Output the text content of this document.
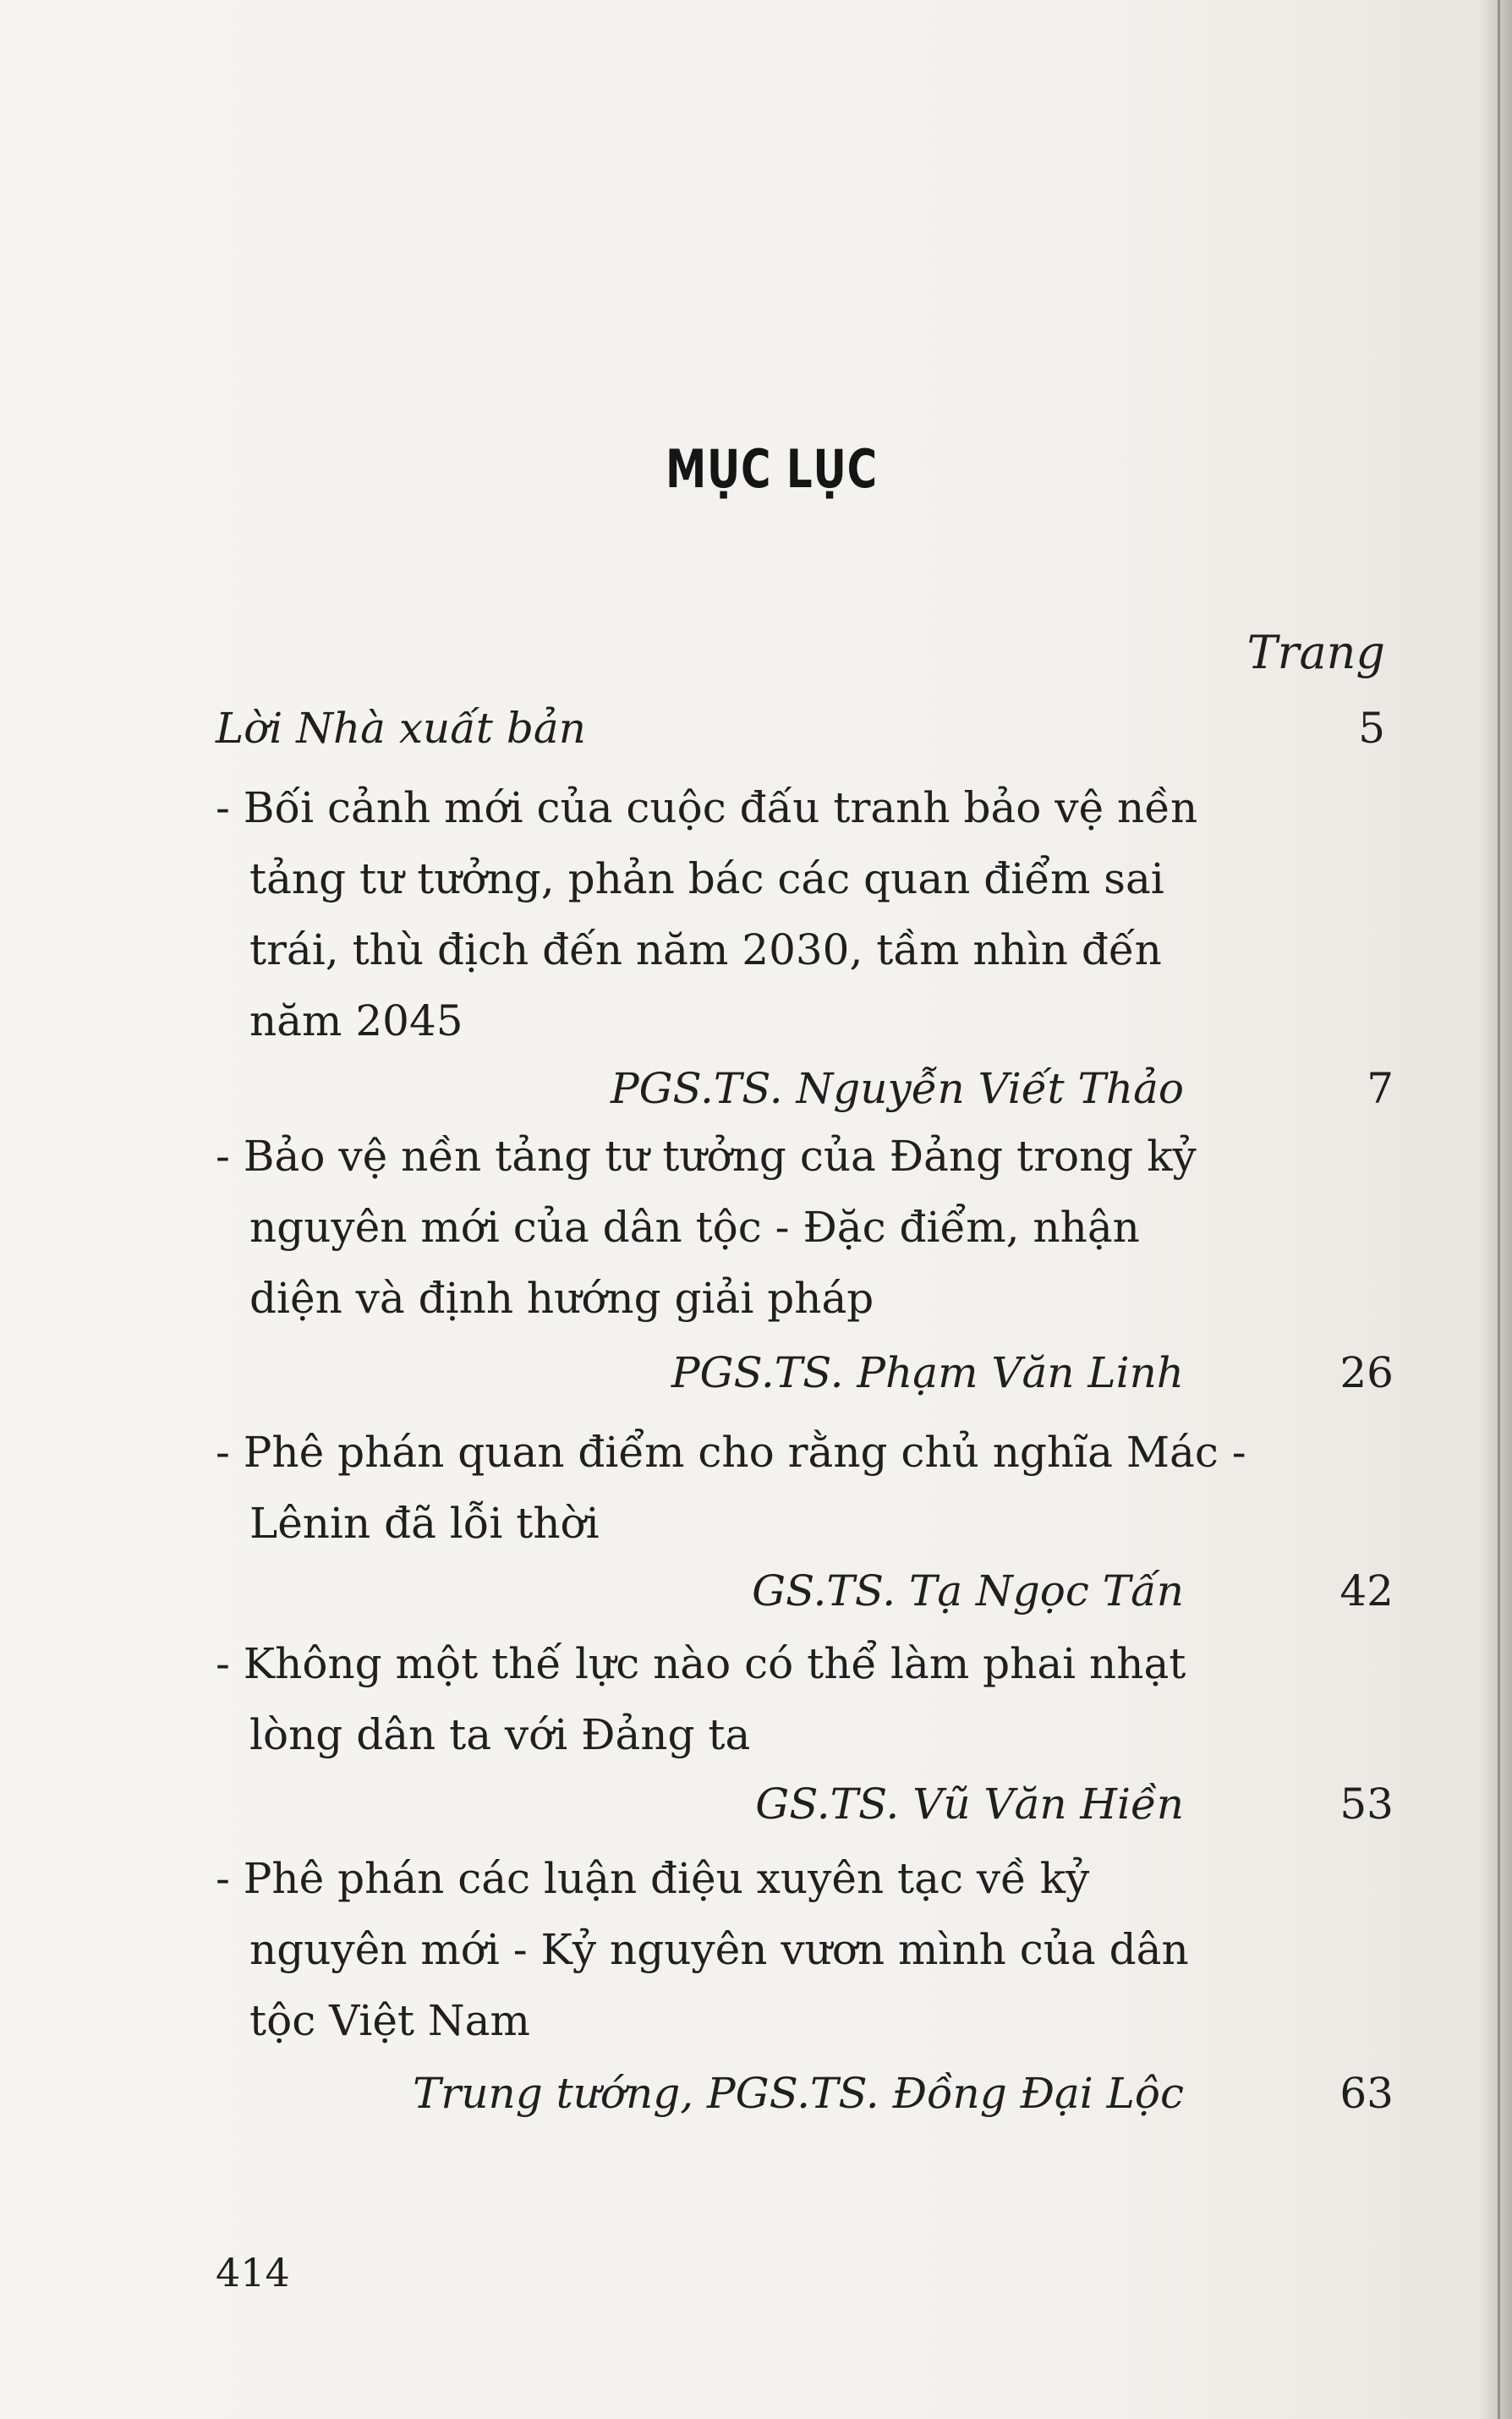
MỤC LỤC
Trang
Lời Nhà xuất bản	5
- Bối cảnh mới của cuộc đấu tranh bảo vệ nền
tảng tư tưởng, phản bác các quan điểm sai
trái, thù địch đến năm 2030, tầm nhìn đến
năm 2045
PGS.TS. Nguyễn Viết Thảo	7
- Bảo vệ nền tảng tư tưởng của Đảng trong kỷ
nguyên mới của dân tộc - Đặc điểm, nhận
diện và định hướng giải pháp
PGS.TS. Phạm Văn Linh	26
- Phê phán quan điểm cho rằng chủ nghĩa Mác -
Lênin đã lỗi thời
GS.TS. Tạ Ngọc Tấn	42
- Không một thế lực nào có thể làm phai nhạt
lòng dân ta với Đảng ta
GS.TS. Vũ Văn Hiền	53
- Phê phán các luận điệu xuyên tạc về kỷ
nguyên mới - Kỷ nguyên vươn mình của dân
tộc Việt Nam
Trung tướng, PGS.TS. Đồng Đại Lộc	63
414
